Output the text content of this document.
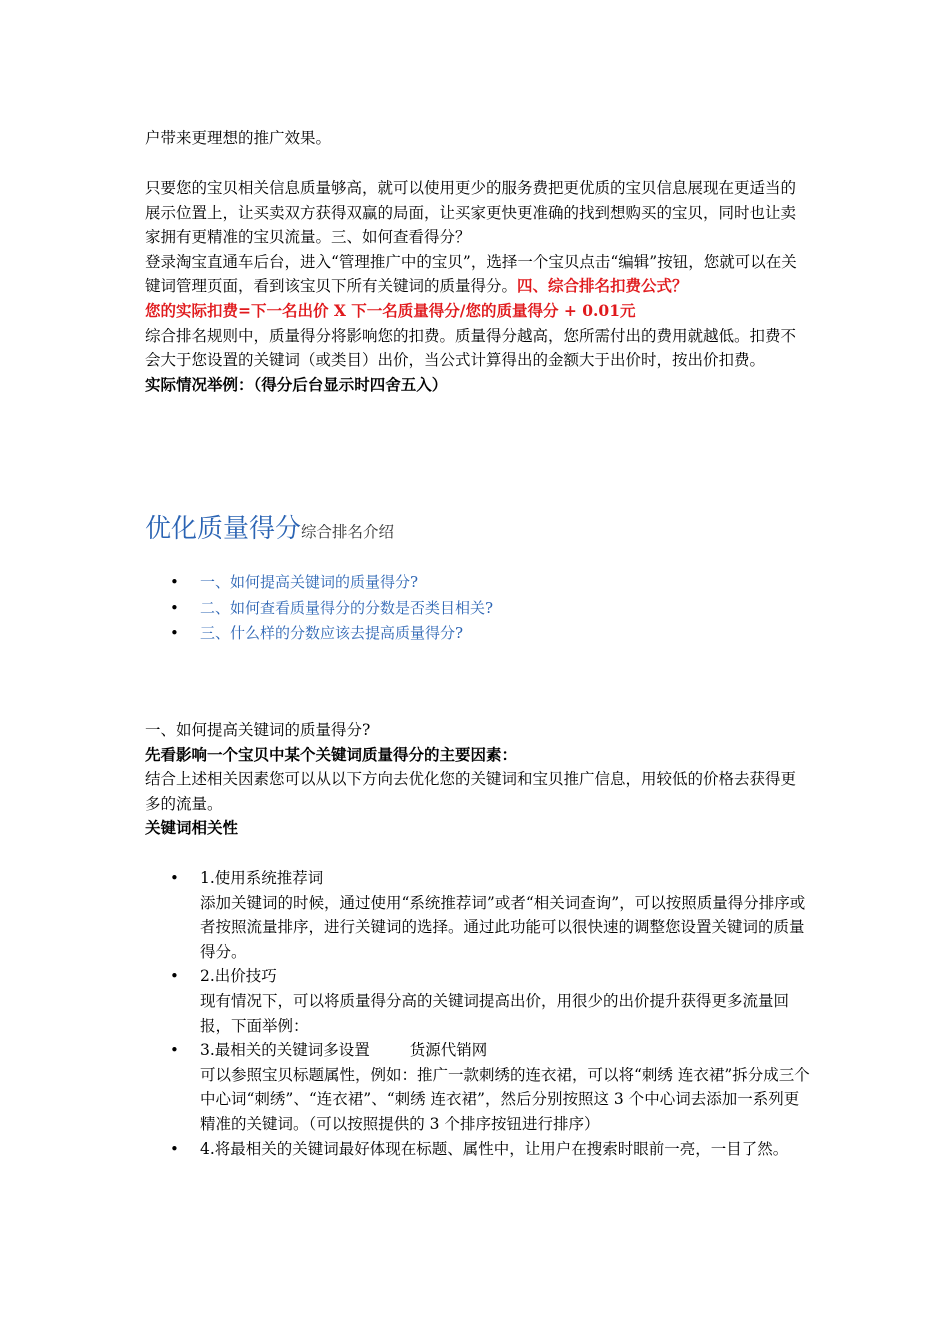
户带来更理想的推广效果。

只要您的宝贝相关信息质量够高，就可以使用更少的服务费把更优质的宝贝信息展现在更适当的展示位置上，让买卖双方获得双赢的局面，让买家更快更准确的找到想购买的宝贝，同时也让卖家拥有更精准的宝贝流量。三、如何查看得分？
登录淘宝直通车后台，进入“管理推广中的宝贝”，选择一个宝贝点击“编辑”按钮，您就可以在关键词管理页面，看到该宝贝下所有关键词的质量得分。四、综合排名扣费公式？
您的实际扣费=下一名出价 X 下一名质量得分/您的质量得分 + 0.01元
综合排名规则中，质量得分将影响您的扣费。质量得分越高，您所需付出的费用就越低。扣费不会大于您设置的关键词（或类目）出价，当公式计算得出的金额大于出价时，按出价扣费。
实际情况举例：（得分后台显示时四舍五入）

优化质量得分综合排名介绍
• 一、如何提高关键词的质量得分?
• 二、如何查看质量得分的分数是否类目相关?
• 三、什么样的分数应该去提高质量得分?

一、如何提高关键词的质量得分?
先看影响一个宝贝中某个关键词质量得分的主要因素：
结合上述相关因素您可以从以下方向去优化您的关键词和宝贝推广信息，用较低的价格去获得更多的流量。
关键词相关性

• 1.使用系统推荐词
添加关键词的时候，通过使用“系统推荐词”或者“相关词查询”，可以按照质量得分排序或者按照流量排序，进行关键词的选择。通过此功能可以很快速的调整您设置关键词的质量得分。
• 2.出价技巧
现有情况下，可以将质量得分高的关键词提高出价，用很少的出价提升获得更多流量回报，下面举例：
• 3.最相关的关键词多设置	货源代销网
可以参照宝贝标题属性，例如：推广一款刺绣的连衣裙，可以将“刺绣 连衣裙”拆分成三个中心词“刺绣”、“连衣裙”、“刺绣 连衣裙”，然后分别按照这 3 个中心词去添加一系列更精准的关键词。（可以按照提供的 3 个排序按钮进行排序）
• 4.将最相关的关键词最好体现在标题、属性中，让用户在搜索时眼前一亮，一目了然。
